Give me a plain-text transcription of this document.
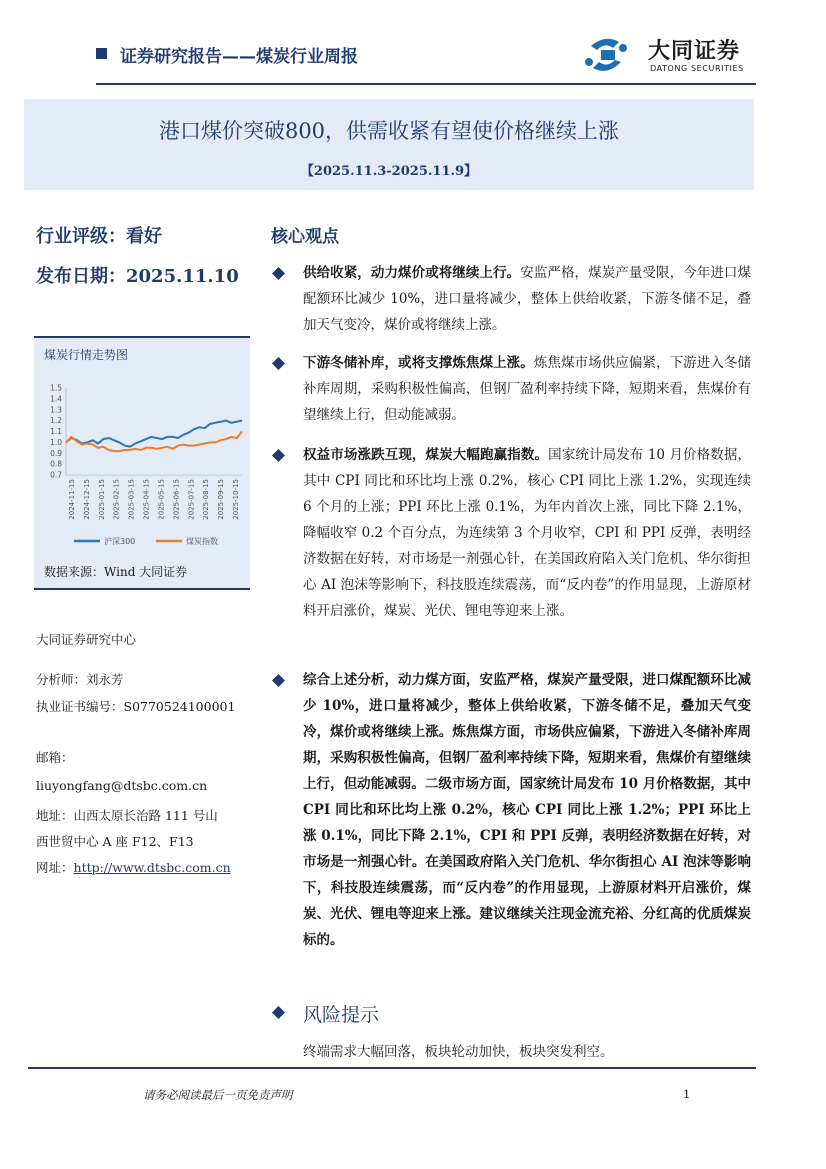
证券研究报告——煤炭行业周报	大同证券
DATONG SECURITIES
港口煤价突破800，供需收紧有望使价格继续上涨
【2025.11.3-2025.11.9】
行业评级：看好
发布日期：2025.11.10
煤炭行情走势图
1.5
1.4
1.3
1.2
1.1
1.0
0.9
0.8
0.7
2024-11-15 2024-12-15 2025-01-15 2025-02-15 2025-03-15 2025-04-15 2025-05-15 2025-06-15 2025-07-15 2025-08-15 2025-09-15 2025-10-15
沪深300	煤炭指数
数据来源：Wind 大同证券
大同证券研究中心
分析师：刘永芳
执业证书编号：S0770524100001
邮箱：
liuyongfang@dtsbc.com.cn
地址：山西太原长治路 111 号山
西世贸中心 A 座 F12、F13
网址：http://www.dtsbc.com.cn
核心观点
供给收紧，动力煤价或将继续上行。安监严格，煤炭产量受限，今年进口煤配额环比减少 10%，进口量将减少，整体上供给收紧，下游冬储不足，叠加天气变冷，煤价或将继续上涨。
下游冬储补库，或将支撑炼焦煤上涨。炼焦煤市场供应偏紧，下游进入冬储补库周期，采购积极性偏高，但钢厂盈利率持续下降，短期来看，焦煤价有望继续上行，但动能减弱。
权益市场涨跌互现，煤炭大幅跑赢指数。国家统计局发布 10 月价格数据，其中 CPI 同比和环比均上涨 0.2%，核心 CPI 同比上涨 1.2%，实现连续 6 个月的上涨；PPI 环比上涨 0.1%，为年内首次上涨，同比下降 2.1%，降幅收窄 0.2 个百分点，为连续第 3 个月收窄，CPI 和 PPI 反弹，表明经济数据在好转，对市场是一剂强心针，在美国政府陷入关门危机、华尔街担心 AI 泡沫等影响下，科技股连续震荡，而“反内卷”的作用显现，上游原材料开启涨价，煤炭、光伏、锂电等迎来上涨。
综合上述分析，动力煤方面，安监严格，煤炭产量受限，进口煤配额环比减少 10%，进口量将减少，整体上供给收紧，下游冬储不足，叠加天气变冷，煤价或将继续上涨。炼焦煤方面，市场供应偏紧，下游进入冬储补库周期，采购积极性偏高，但钢厂盈利率持续下降，短期来看，焦煤价有望继续上行，但动能减弱。二级市场方面，国家统计局发布 10 月价格数据，其中 CPI 同比和环比均上涨 0.2%，核心 CPI 同比上涨 1.2%；PPI 环比上涨 0.1%，同比下降 2.1%，CPI 和 PPI 反弹，表明经济数据在好转，对市场是一剂强心针。在美国政府陷入关门危机、华尔街担心 AI 泡沫等影响下，科技股连续震荡，而“反内卷”的作用显现，上游原材料开启涨价，煤炭、光伏、锂电等迎来上涨。建议继续关注现金流充裕、分红高的优质煤炭标的。
风险提示
终端需求大幅回落，板块轮动加快，板块突发利空。
请务必阅读最后一页免责声明	1
